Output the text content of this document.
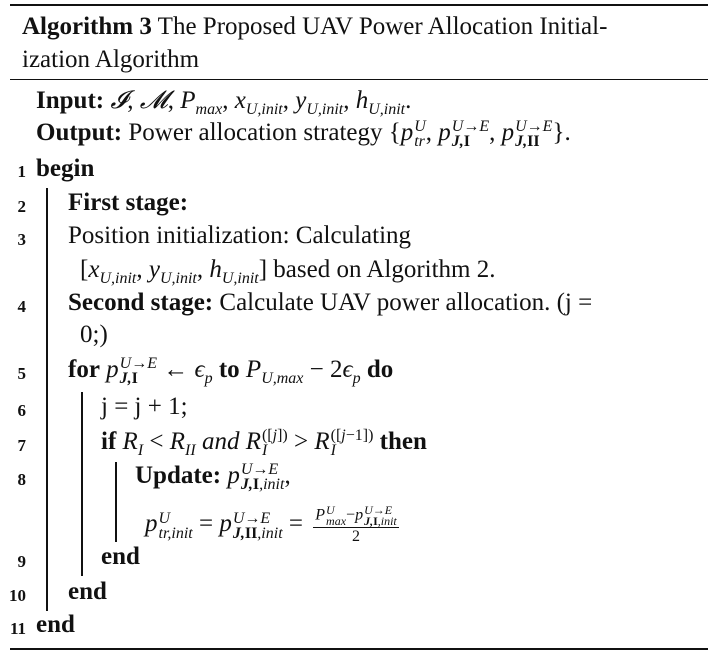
Algorithm 3 The Proposed UAV Power Allocation Initial-
ization Algorithm
Input: 𝓘, 𝓜, $P_{max}$, $x_{U,init}$, $y_{U,init}$, $h_{U,init}$.
Output: Power allocation strategy {p U
tr , p U→E
J,I , p U→E
J,II }.
1 begin
2 First stage:
3 Position initialization: Calculating
[$x_{U,init}$, $y_{U,init}$, $h_{U,init}$] based on Algorithm 2.
4 Second stage: Calculate UAV power allocation. (j =
0;)
5 for p U→E
J,I ← $\epsilon_p$ to $P_{U,max} - 2\epsilon_p$ do
6	j = j + 1;
7	if $R_I < R_{II}$ and R ([j])
I > R ([j−1])
I	then
8	Update: p U→E
J,I,init ,
p U
tr,init = p U→E
J,II,init = P U
max −p U→E
J,I,init
2
9	end
10 end
11 end
